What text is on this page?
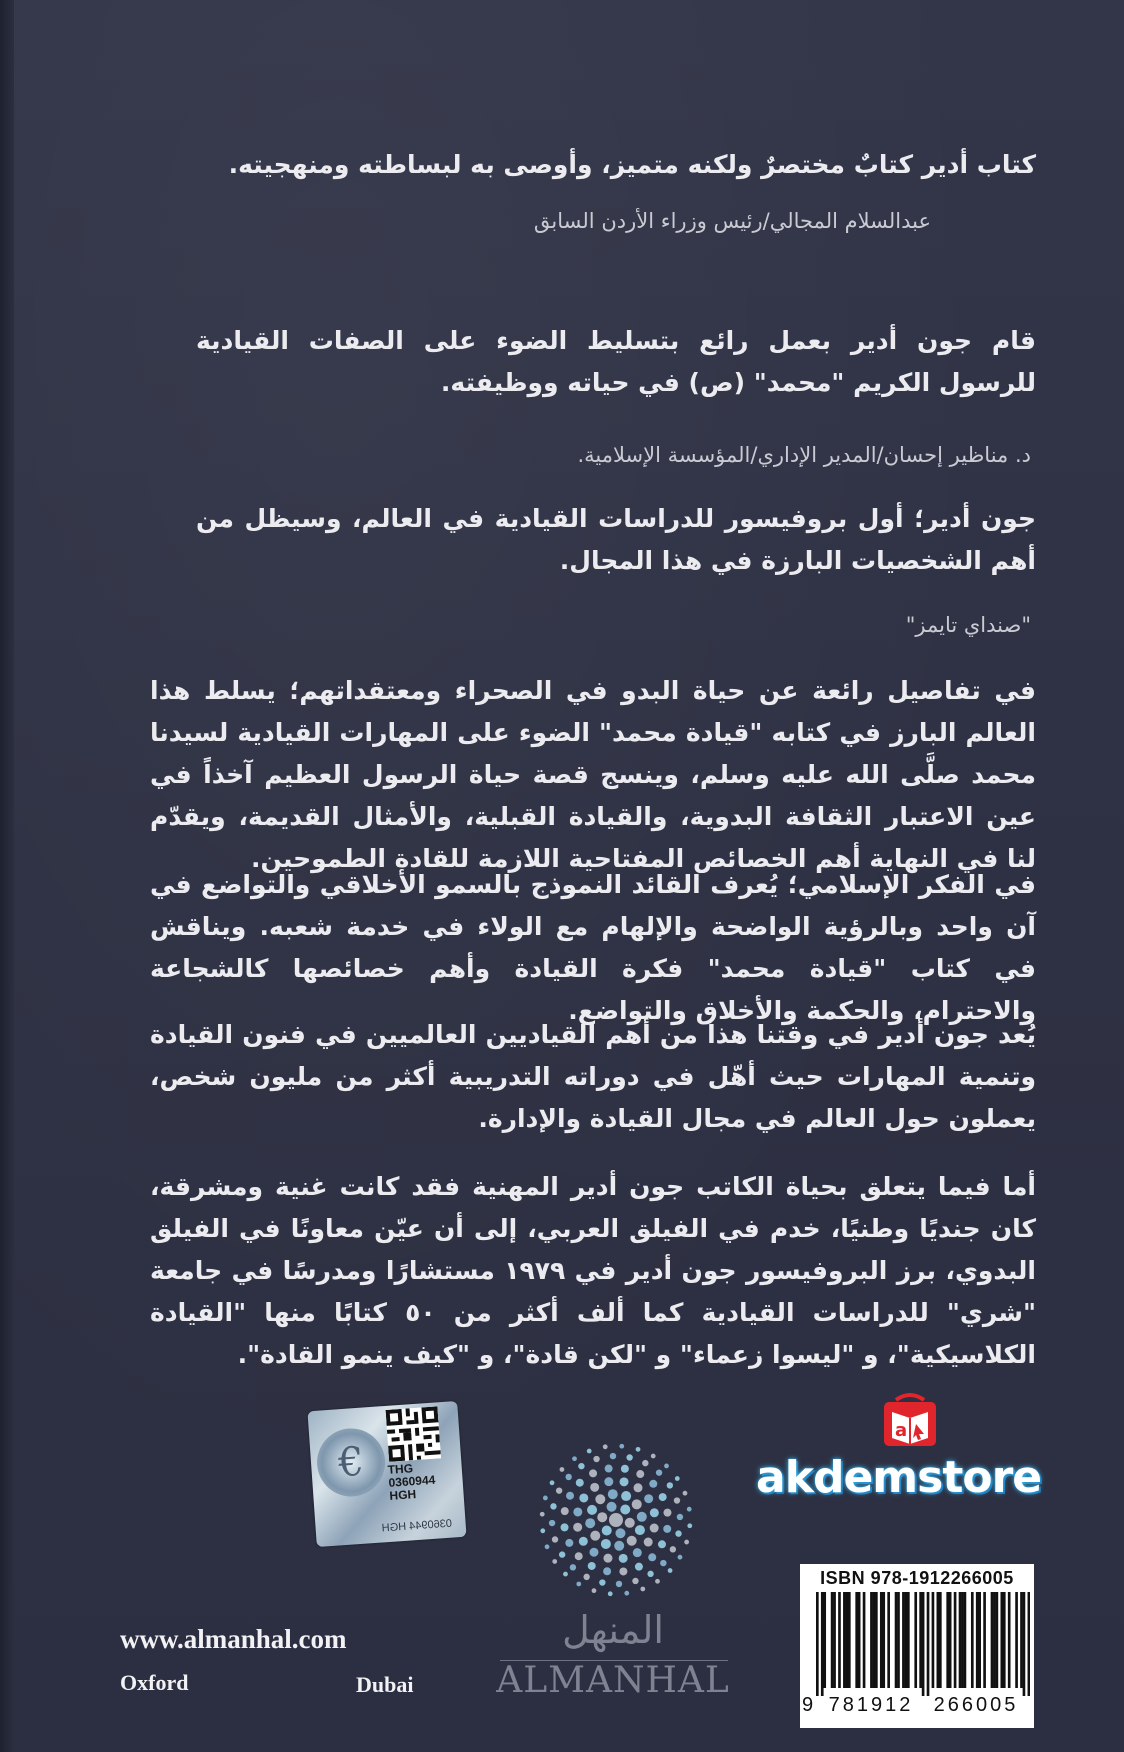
كتاب أدير كتابٌ مختصرٌ ولكنه متميز، وأوصى به لبساطته ومنهجيته.

عبدالسلام المجالي/رئيس وزراء الأردن السابق

قام جون أدير بعمل رائع بتسليط الضوء على الصفات القيادية للرسول الكريم "محمد" (ص) في حياته ووظيفته.

د. مناظير إحسان/المدير الإداري/المؤسسة الإسلامية.

جون أدير؛ أول بروفيسور للدراسات القيادية في العالم، وسيظل من أهم الشخصيات البارزة في هذا المجال.

"صنداي تايمز"

في تفاصيل رائعة عن حياة البدو في الصحراء ومعتقداتهم؛ يسلط هذا العالم البارز في كتابه "قيادة محمد" الضوء على المهارات القيادية لسيدنا محمد صلَّى الله عليه وسلم، وينسج قصة حياة الرسول العظيم آخذاً في عين الاعتبار الثقافة البدوية، والقيادة القبلية، والأمثال القديمة، ويقدّم لنا في النهاية أهم الخصائص المفتاحية اللازمة للقادة الطموحين.

في الفكر الإسلامي؛ يُعرف القائد النموذج بالسمو الأخلاقي والتواضع في آن واحد وبالرؤية الواضحة والإلهام مع الولاء في خدمة شعبه. ويناقش في كتاب "قيادة محمد" فكرة القيادة وأهم خصائصها كالشجاعة والاحترام، والحكمة والأخلاق والتواضع.

يُعد جون أدير في وقتنا هذا من أهم القياديين العالميين في فنون القيادة وتنمية المهارات حيث أهّل في دوراته التدريبية أكثر من مليون شخص، يعملون حول العالم في مجال القيادة والإدارة.

أما فيما يتعلق بحياة الكاتب جون أدير المهنية فقد كانت غنية ومشرقة، كان جنديًا وطنيًا، خدم في الفيلق العربي، إلى أن عيّن معاونًا في الفيلق البدوي، برز البروفيسور جون أدير في ١٩٧٩ مستشارًا ومدرسًا في جامعة "شري" للدراسات القيادية كما ألف أكثر من ٥٠ كتابًا منها "القيادة الكلاسيكية"، و "ليسوا زعماء" و "لكن قادة"، و "كيف ينمو القادة".

€	THG
0360944
HGH
0360944 HGH
المنهل
ALMANHAL
www.almanhal.com
Oxford	Dubai
a
akdemstore
ISBN 978-1912266005
9 781912	266005
